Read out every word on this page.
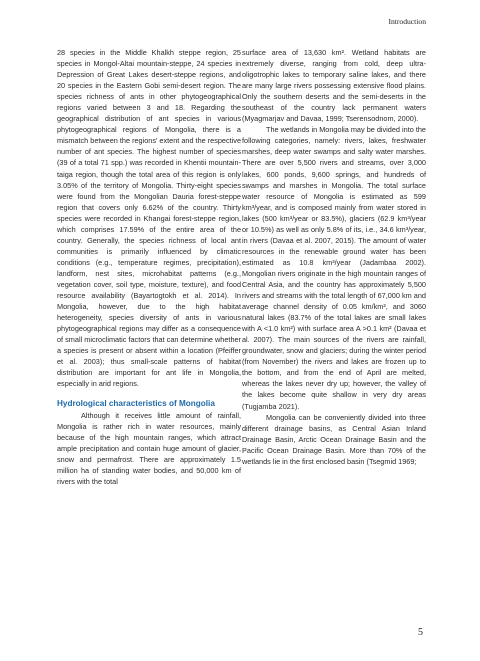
Introduction

28 species in the Middle Khalkh steppe region, 25 species in Mongol-Altai mountain-steppe, 24 species in Depression of Great Lakes desert-steppe regions, and 20 species in the Eastern Gobi semi-desert region. The species richness of ants in other phytogeographical regions varied between 3 and 18. Regarding the geographical distribution of ant species in various phytogeographical regions of Mongolia, there is a mismatch between the regions' extent and the respective number of ant species. The highest number of species (39 of a total 71 spp.) was recorded in Khentii mountain-taiga region, though the total area of this region is only 3.05% of the territory of Mongolia. Thirty-eight species were found from the Mongolian Dauria forest-steppe region that covers only 6.62% of the country. Thirty species were recorded in Khangai forest-steppe region, which comprises 17.59% of the entire area of the country. Generally, the species richness of local ant communities is primarily influenced by climatic conditions (e.g., temperature regimes, precipitation), landform, nest sites, microhabitat patterns (e.g., vegetation cover, soil type, moisture, texture), and food resource availability (Bayartogtokh et al. 2014). In Mongolia, however, due to the high habitat heterogeneity, species diversity of ants in various phytogeographical regions may differ as a consequence of small microclimatic factors that can determine whether a species is present or absent within a location (Pfeiffer et al. 2003); thus small-scale patterns of habitat distribution are important for ant life in Mongolia, especially in arid regions.

Hydrological characteristics of Mongolia

Although it receives little amount of rainfall, Mongolia is rather rich in water resources, mainly because of the high mountain ranges, which attract ample precipitation and contain huge amount of glacier, snow and permafrost. There are approximately 1.5 million ha of standing water bodies, and 50,000 km of rivers with the total

surface area of 13,630 km². Wetland habitats are extremely diverse, ranging from cold, deep ultra-oligotrophic lakes to temporary saline lakes, and there are many large rivers possessing extensive flood plains. Only the southern deserts and the semi-deserts in the southeast of the country lack permanent waters (Myagmarjav and Davaa, 1999; Tserensodnom, 2000).

The wetlands in Mongolia may be divided into the following categories, namely: rivers, lakes, freshwater marshes, deep water swamps and salty water marshes. There are over 5,500 rivers and streams, over 3,000 lakes, 600 ponds, 9,600 springs, and hundreds of swamps and marshes in Mongolia. The total surface water resource of Mongolia is estimated as 599 km³/year, and is composed mainly from water stored in lakes (500 km³/year or 83.5%), glaciers (62.9 km³/year or 10.5%) as well as only 5.8% of its, i.e., 34.6 km³/year, in rivers (Davaa et al. 2007, 2015). The amount of water resources in the renewable ground water has been estimated as 10.8 km³/year (Jadambaa 2002). Mongolian rivers originate in the high mountain ranges of Central Asia, and the country has approximately 5,500 rivers and streams with the total length of 67,000 km and average channel density of 0.05 km/km², and 3060 natural lakes (83.7% of the total lakes are small lakes with A <1.0 km²) with surface area A >0.1 km² (Davaa et al. 2007). The main sources of the rivers are rainfall, groundwater, snow and glaciers; during the winter period (from November) the rivers and lakes are frozen up to the bottom, and from the end of April are melted, whereas the lakes never dry up; however, the valley of the lakes become quite shallow in very dry areas (Tugjamba 2021).

Mongolia can be conveniently divided into three different drainage basins, as Central Asian Inland Drainage Basin, Arctic Ocean Drainage Basin and the Pacific Ocean Drainage Basin. More than 70% of the wetlands lie in the first enclosed basin (Tsegmid 1969;

5
